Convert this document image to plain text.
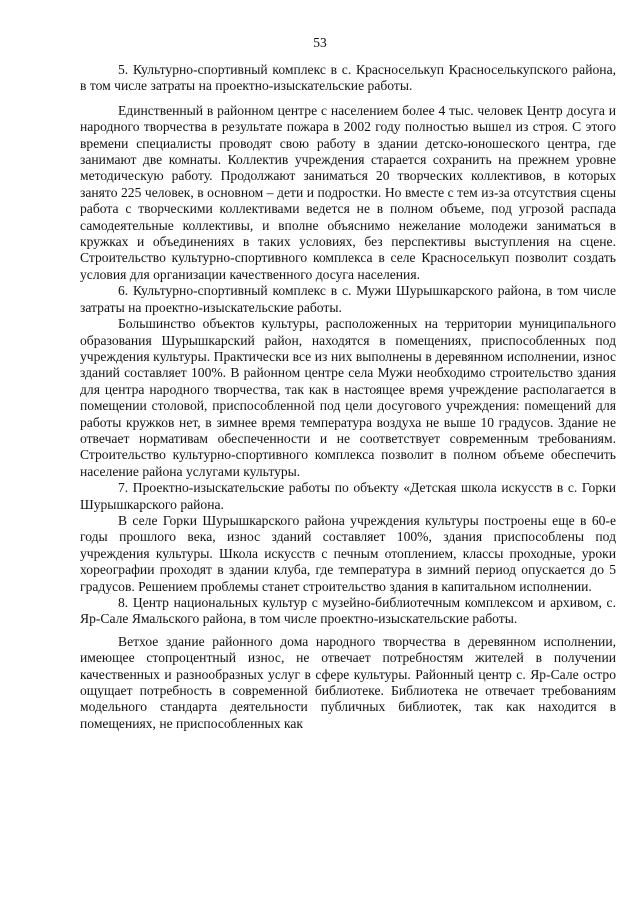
53

5. Культурно-спортивный комплекс в с. Красноселькуп Красноселькупского района, в том числе затраты на проектно-изыскательские работы.

Единственный в районном центре с населением более 4 тыс. человек Центр досуга и народного творчества в результате пожара в 2002 году полностью вышел из строя. С этого времени специалисты проводят свою работу в здании детско-юношеского центра, где занимают две комнаты. Коллектив учреждения старается сохранить на прежнем уровне методическую работу. Продолжают заниматься 20 творческих коллективов, в которых занято 225 человек, в основном – дети и подростки. Но вместе с тем из-за отсутствия сцены работа с творческими коллективами ведется не в полном объеме, под угрозой распада самодеятельные коллективы, и вполне объяснимо нежелание молодежи заниматься в кружках и объединениях в таких условиях, без перспективы выступления на сцене. Строительство культурно-спортивного комплекса в селе Красноселькуп позволит создать условия для организации качественного досуга населения.

6. Культурно-спортивный комплекс в с. Мужи Шурышкарского района, в том числе затраты на проектно-изыскательские работы.

Большинство объектов культуры, расположенных на территории муниципального образования Шурышкарский район, находятся в помещениях, приспособленных под учреждения культуры. Практически все из них выполнены в деревянном исполнении, износ зданий составляет 100%. В районном центре села Мужи необходимо строительство здания для центра народного творчества, так как в настоящее время учреждение располагается в помещении столовой, приспособленной под цели досугового учреждения: помещений для работы кружков нет, в зимнее время температура воздуха не выше 10 градусов. Здание не отвечает нормативам обеспеченности и не соответствует современным требованиям. Строительство культурно-спортивного комплекса позволит в полном объеме обеспечить население района услугами культуры.

7. Проектно-изыскательские работы по объекту «Детская школа искусств в с. Горки Шурышкарского района.

В селе Горки Шурышкарского района учреждения культуры построены еще в 60-е годы прошлого века, износ зданий составляет 100%, здания приспособлены под учреждения культуры. Школа искусств с печным отоплением, классы проходные, уроки хореографии проходят в здании клуба, где температура в зимний период опускается до 5 градусов. Решением проблемы станет строительство здания в капитальном исполнении.

8. Центр национальных культур с музейно-библиотечным комплексом и архивом, с. Яр-Сале Ямальского района, в том числе проектно-изыскательские работы.

Ветхое здание районного дома народного творчества в деревянном исполнении, имеющее стопроцентный износ, не отвечает потребностям жителей в получении качественных и разнообразных услуг в сфере культуры. Районный центр с. Яр-Сале остро ощущает потребность в современной библиотеке. Библиотека не отвечает требованиям модельного стандарта деятельности публичных библиотек, так как находится в помещениях, не приспособленных как
